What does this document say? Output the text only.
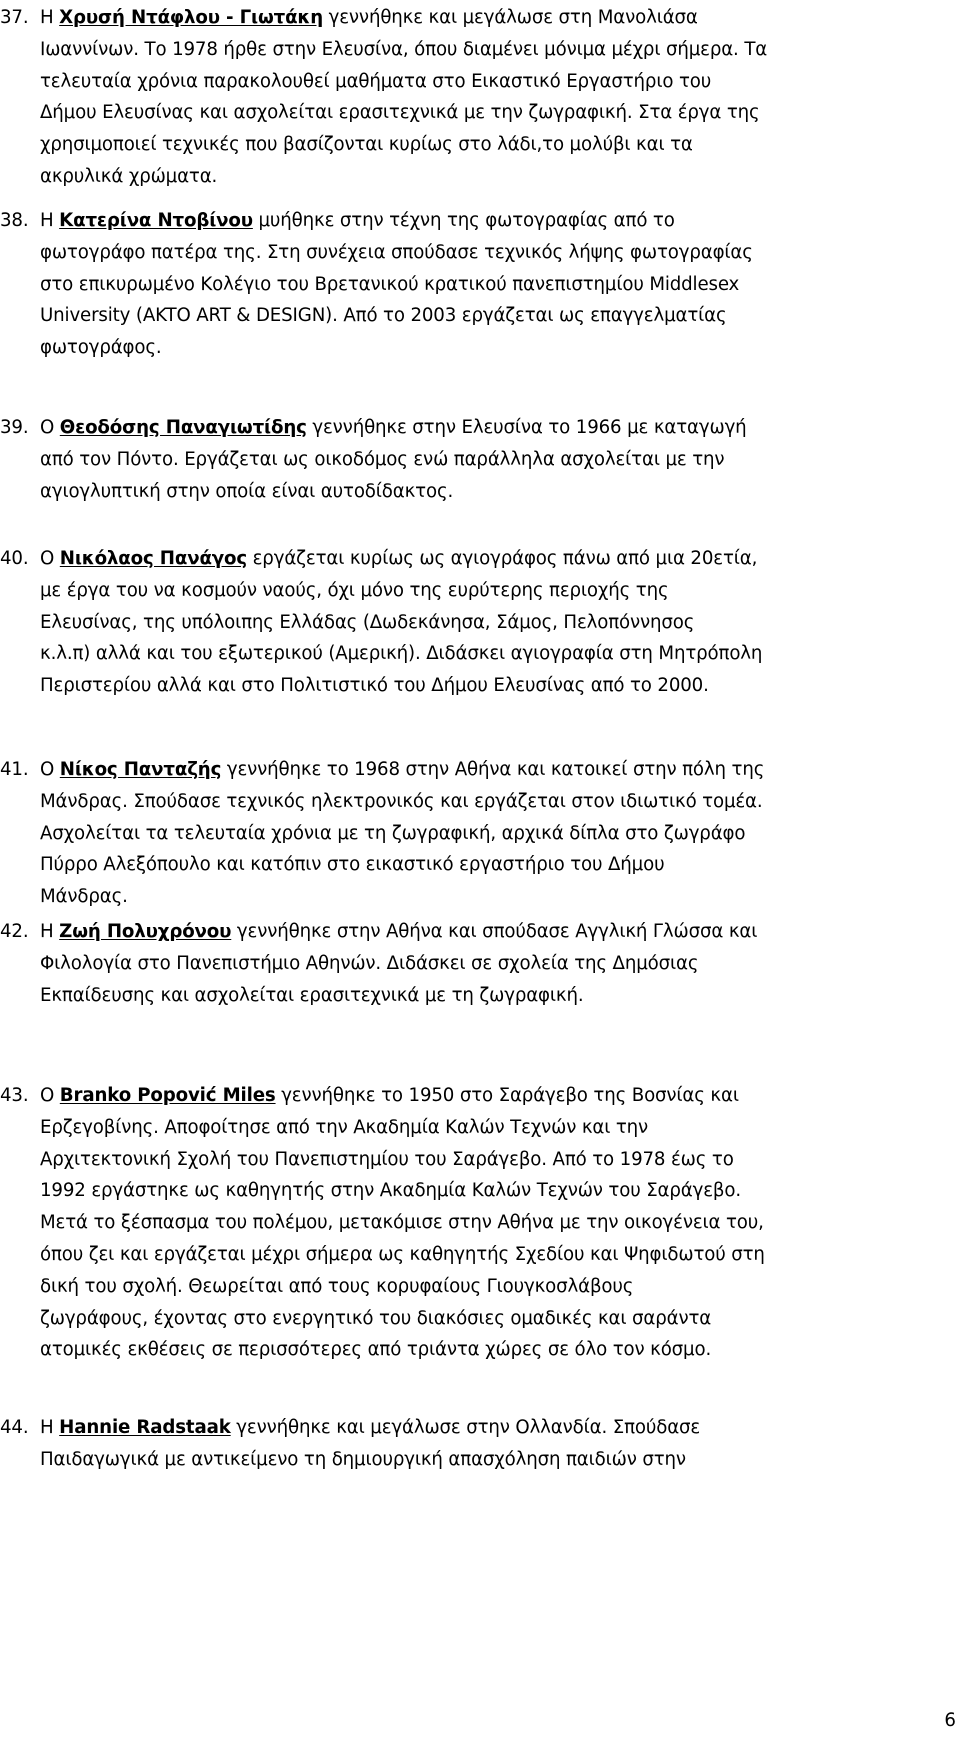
37. Η Χρυσή Ντάφλου - Γιωτάκη γεννήθηκε και μεγάλωσε στη Μανολιάσα
Ιωαννίνων. Το 1978 ήρθε στην Ελευσίνα, όπου διαμένει μόνιμα μέχρι σήμερα. Τα
τελευταία χρόνια παρακολουθεί μαθήματα στο Εικαστικό Εργαστήριο του
Δήμου Ελευσίνας και ασχολείται ερασιτεχνικά με την ζωγραφική. Στα έργα της
χρησιμοποιεί τεχνικές που βασίζονται κυρίως στο λάδι,το μολύβι και τα
ακρυλικά χρώματα.
38. Η Κατερίνα Ντοβίνου μυήθηκε στην τέχνη της φωτογραφίας από το
φωτογράφο πατέρα της. Στη συνέχεια σπούδασε τεχνικός λήψης φωτογραφίας
στο επικυρωμένο Κολέγιο του Βρετανικού κρατικού πανεπιστημίου Middlesex
University (AKTO ART & DESIGN). Από το 2003 εργάζεται ως επαγγελματίας
φωτογράφος.
39. Ο Θεοδόσης Παναγιωτίδης γεννήθηκε στην Ελευσίνα το 1966 με καταγωγή
από τον Πόντο. Εργάζεται ως οικοδόμος ενώ παράλληλα ασχολείται με την
αγιογλυπτική στην οποία είναι αυτοδίδακτος.
40. Ο Νικόλαος Πανάγος εργάζεται κυρίως ως αγιογράφος πάνω από μια 20ετία,
με έργα του να κοσμούν ναούς, όχι μόνο της ευρύτερης περιοχής της
Ελευσίνας, της υπόλοιπης Ελλάδας (Δωδεκάνησα, Σάμος, Πελοπόννησος
κ.λ.π) αλλά και του εξωτερικού (Αμερική). Διδάσκει αγιογραφία στη Μητρόπολη
Περιστερίου αλλά και στο Πολιτιστικό του Δήμου Ελευσίνας από το 2000.
41. Ο Νίκος Πανταζής γεννήθηκε το 1968 στην Αθήνα και κατοικεί στην πόλη της
Μάνδρας. Σπούδασε τεχνικός ηλεκτρονικός και εργάζεται στον ιδιωτικό τομέα.
Ασχολείται τα τελευταία χρόνια με τη ζωγραφική, αρχικά δίπλα στο ζωγράφο
Πύρρο Αλεξόπουλο και κατόπιν στο εικαστικό εργαστήριο του Δήμου
Μάνδρας.
42. Η Ζωή Πολυχρόνου γεννήθηκε στην Αθήνα και σπούδασε Αγγλική Γλώσσα και
Φιλολογία στο Πανεπιστήμιο Αθηνών. Διδάσκει σε σχολεία της Δημόσιας
Εκπαίδευσης και ασχολείται ερασιτεχνικά με τη ζωγραφική.
43. Ο Branko Popović Miles γεννήθηκε το 1950 στο Σαράγεβο της Βοσνίας και
Ερζεγοβίνης. Αποφοίτησε από την Ακαδημία Καλών Τεχνών και την
Αρχιτεκτονική Σχολή του Πανεπιστημίου του Σαράγεβο. Από το 1978 έως το
1992 εργάστηκε ως καθηγητής στην Ακαδημία Καλών Τεχνών του Σαράγεβο.
Μετά το ξέσπασμα του πολέμου, μετακόμισε στην Αθήνα με την οικογένεια του,
όπου ζει και εργάζεται μέχρι σήμερα ως καθηγητής Σχεδίου και Ψηφιδωτού στη
δική του σχολή. Θεωρείται από τους κορυφαίους Γιουγκοσλάβους
ζωγράφους, έχοντας στο ενεργητικό του διακόσιες ομαδικές και σαράντα
ατομικές εκθέσεις σε περισσότερες από τριάντα χώρες σε όλο τον κόσμο.
44. Η Hannie Radstaak γεννήθηκε και μεγάλωσε στην Ολλανδία. Σπούδασε
Παιδαγωγικά με αντικείμενο τη δημιουργική απασχόληση παιδιών στην
6
